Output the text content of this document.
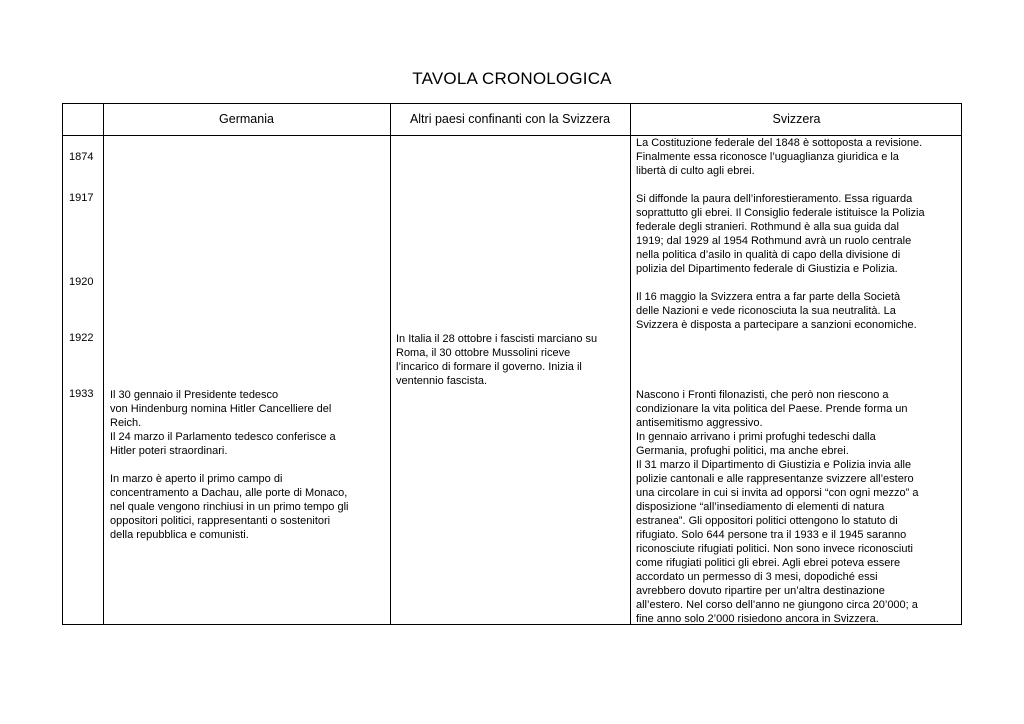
TAVOLA CRONOLOGICA
Germania	Altri paesi confinanti con la Svizzera	Svizzera
1874
1917
1920
1922
1933 Il 30 gennaio il Presidente tedesco
von Hindenburg nomina Hitler Cancelliere del
Reich.
Il 24 marzo il Parlamento tedesco conferisce a
Hitler poteri straordinari.
In marzo è aperto il primo campo di
concentramento a Dachau, alle porte di Monaco,
nel quale vengono rinchiusi in un primo tempo gli
oppositori politici, rappresentanti o sostenitori
della repubblica e comunisti.
In Italia il 28 ottobre i fascisti marciano su
Roma, il 30 ottobre Mussolini riceve
l’incarico di formare il governo. Inizia il
ventennio fascista.
La Costituzione federale del 1848 è sottoposta a revisione.
Finalmente essa riconosce l’uguaglianza giuridica e la
libertà di culto agli ebrei.
Si diffonde la paura dell’inforestieramento. Essa riguarda
soprattutto gli ebrei. Il Consiglio federale istituisce la Polizia
federale degli stranieri. Rothmund è alla sua guida dal
1919; dal 1929 al 1954 Rothmund avrà un ruolo centrale
nella politica d’asilo in qualità di capo della divisione di
polizia del Dipartimento federale di Giustizia e Polizia.
Il 16 maggio la Svizzera entra a far parte della Società
delle Nazioni e vede riconosciuta la sua neutralità. La
Svizzera è disposta a partecipare a sanzioni economiche.
Nascono i Fronti filonazisti, che però non riescono a
condizionare la vita politica del Paese. Prende forma un
antisemitismo aggressivo.
In gennaio arrivano i primi profughi tedeschi dalla
Germania, profughi politici, ma anche ebrei.
Il 31 marzo il Dipartimento di Giustizia e Polizia invia alle
polizie cantonali e alle rappresentanze svizzere all’estero
una circolare in cui si invita ad opporsi “con ogni mezzo” a
disposizione “all’insediamento di elementi di natura
estranea”. Gli oppositori politici ottengono lo statuto di
rifugiato. Solo 644 persone tra il 1933 e il 1945 saranno
riconosciute rifugiati politici. Non sono invece riconosciuti
come rifugiati politici gli ebrei. Agli ebrei poteva essere
accordato un permesso di 3 mesi, dopodiché essi
avrebbero dovuto ripartire per un’altra destinazione
all’estero. Nel corso dell’anno ne giungono circa 20’000; a
fine anno solo 2’000 risiedono ancora in Svizzera.
